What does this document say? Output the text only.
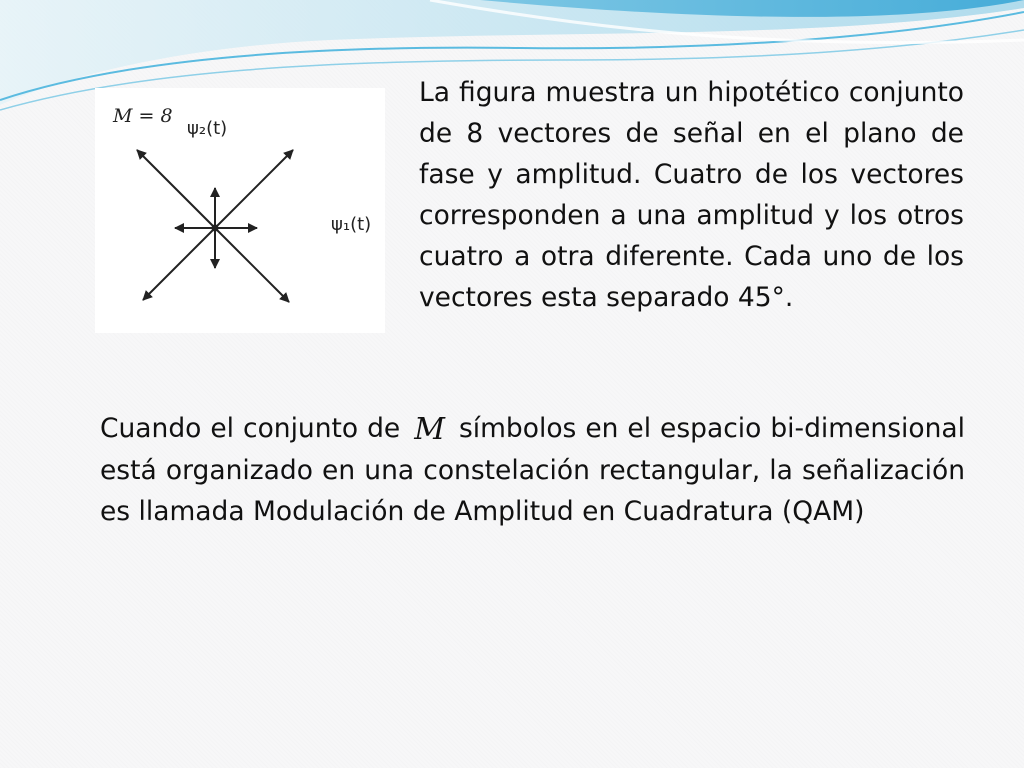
M = 8
ψ₂(t)
ψ₁(t)

La figura muestra un hipotético conjunto de 8 vectores de señal en el plano de fase y amplitud. Cuatro de los vectores corresponden a una amplitud y los otros cuatro a otra diferente. Cada uno de los vectores esta separado 45°.

Cuando el conjunto de M símbolos en el espacio bi-dimensional está organizado en una constelación rectangular, la señalización es llamada Modulación de Amplitud en Cuadratura (QAM)
